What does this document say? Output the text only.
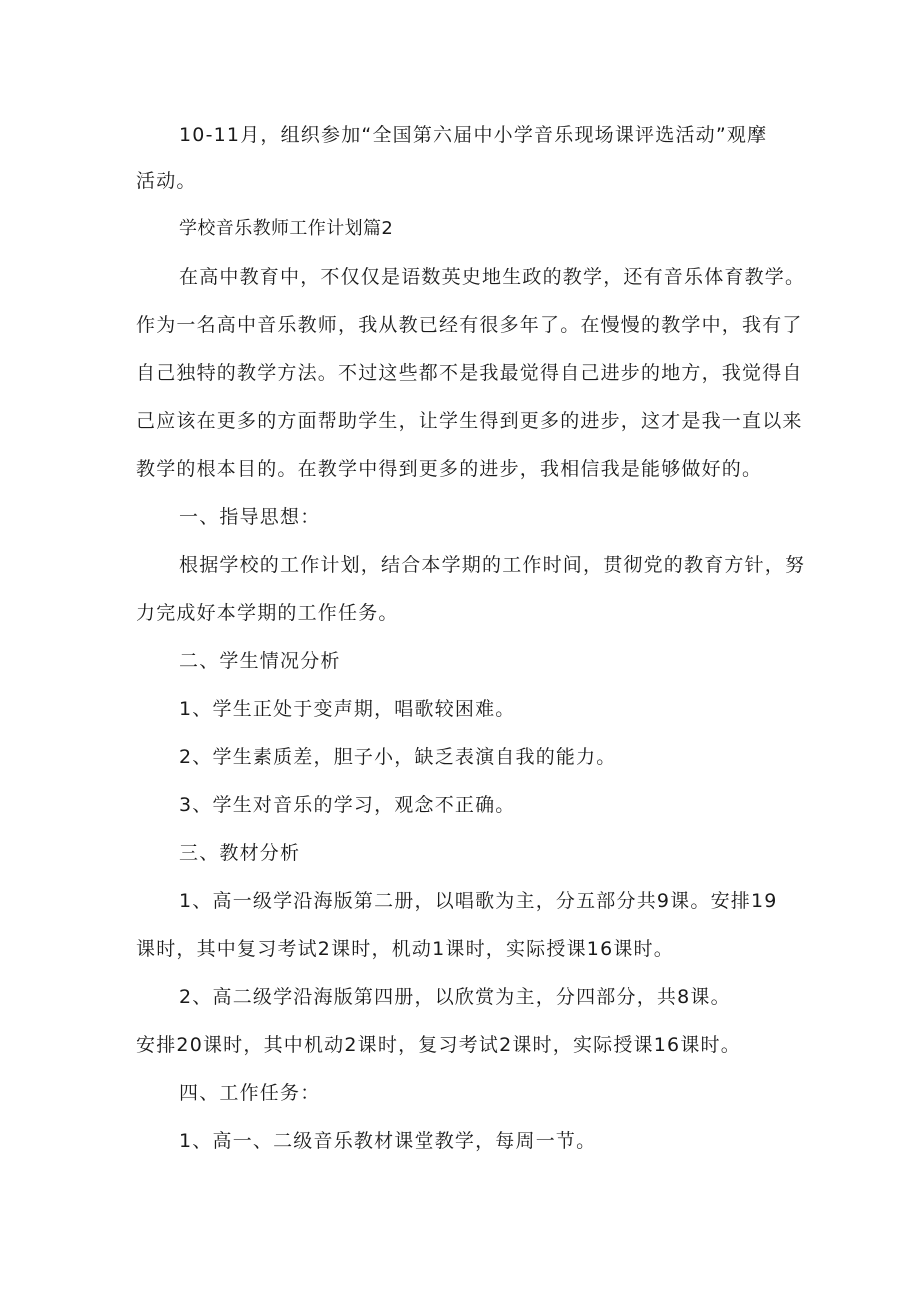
10-11月，组织参加“全国第六届中小学音乐现场课评选活动”观摩
活动。
学校音乐教师工作计划篇2
在高中教育中，不仅仅是语数英史地生政的教学，还有音乐体育教学。
作为一名高中音乐教师，我从教已经有很多年了。在慢慢的教学中，我有了
自己独特的教学方法。不过这些都不是我最觉得自己进步的地方，我觉得自
己应该在更多的方面帮助学生，让学生得到更多的进步，这才是我一直以来
教学的根本目的。在教学中得到更多的进步，我相信我是能够做好的。
一、指导思想：
根据学校的工作计划，结合本学期的工作时间，贯彻党的教育方针，努
力完成好本学期的工作任务。
二、学生情况分析
1、学生正处于变声期，唱歌较困难。
2、学生素质差，胆子小，缺乏表演自我的能力。
3、学生对音乐的学习，观念不正确。
三、教材分析
1、高一级学沿海版第二册，以唱歌为主，分五部分共9课。安排19
课时，其中复习考试2课时，机动1课时，实际授课16课时。
2、高二级学沿海版第四册，以欣赏为主，分四部分，共8课。
安排20课时，其中机动2课时，复习考试2课时，实际授课16课时。
四、工作任务：
1、高一、二级音乐教材课堂教学，每周一节。
